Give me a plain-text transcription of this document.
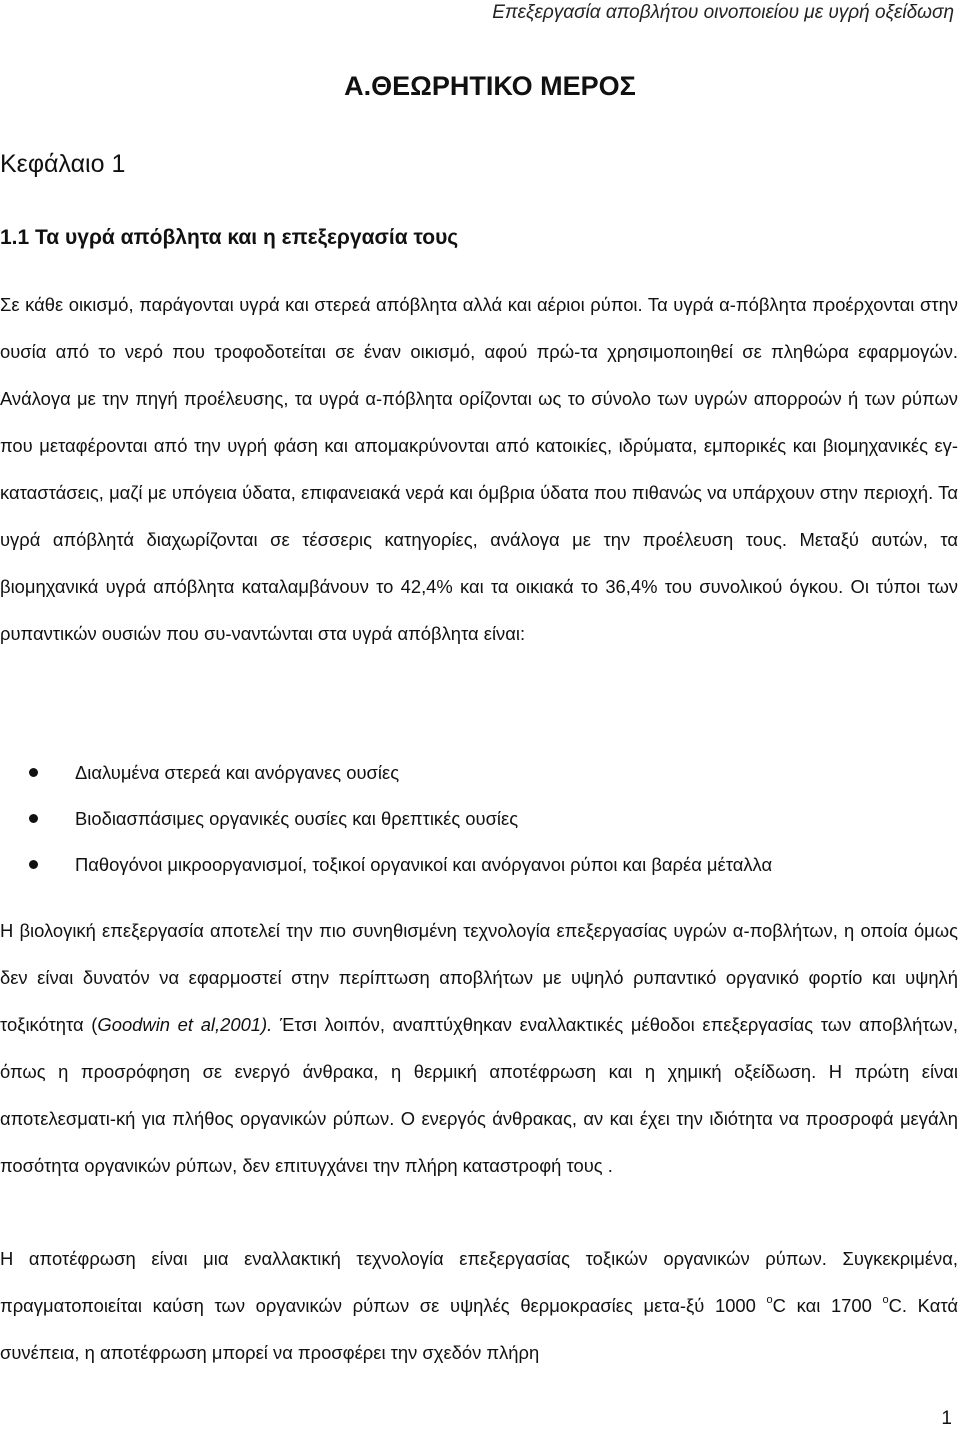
Επεξεργασία αποβλήτου οινοποιείου με υγρή οξείδωση
Α.ΘΕΩΡΗΤΙΚΟ ΜΕΡΟΣ
Κεφάλαιο 1
1.1 Τα υγρά απόβλητα και η επεξεργασία τους

Σε κάθε οικισμό, παράγονται υγρά και στερεά απόβλητα αλλά και αέριοι ρύποι. Τα υγρά α-πόβλητα προέρχονται στην ουσία από το νερό που τροφοδοτείται σε έναν οικισμό, αφού πρώ-τα χρησιμοποιηθεί σε πληθώρα εφαρμογών. Ανάλογα με την πηγή προέλευσης, τα υγρά α-πόβλητα ορίζονται ως το σύνολο των υγρών απορροών ή των ρύπων που μεταφέρονται από την υγρή φάση και απομακρύνονται από κατοικίες, ιδρύματα, εμπορικές και βιομηχανικές εγ-καταστάσεις, μαζί με υπόγεια ύδατα, επιφανειακά νερά και όμβρια ύδατα που πιθανώς να υπάρχουν στην περιοχή. Τα υγρά απόβλητά διαχωρίζονται σε τέσσερις κατηγορίες, ανάλογα με την προέλευση τους. Μεταξύ αυτών, τα βιομηχανικά υγρά απόβλητα καταλαμβάνουν το 42,4% και τα οικιακά το 36,4% του συνολικού όγκου. Οι τύποι των ρυπαντικών ουσιών που συ-ναντώνται στα υγρά απόβλητα είναι:

Διαλυμένα στερεά και ανόργανες ουσίες
Βιοδιασπάσιμες οργανικές ουσίες και θρεπτικές ουσίες
Παθογόνοι μικροοργανισμοί, τοξικοί οργανικοί και ανόργανοι ρύποι και βαρέα μέταλλα

Η βιολογική επεξεργασία αποτελεί την πιο συνηθισμένη τεχνολογία επεξεργασίας υγρών α-ποβλήτων, η οποία όμως δεν είναι δυνατόν να εφαρμοστεί στην περίπτωση αποβλήτων με υψηλό ρυπαντικό οργανικό φορτίο και υψηλή τοξικότητα (Goodwin et al,2001). Έτσι λοιπόν, αναπτύχθηκαν εναλλακτικές μέθοδοι επεξεργασίας των αποβλήτων, όπως η προσρόφηση σε ενεργό άνθρακα, η θερμική αποτέφρωση και η χημική οξείδωση. Η πρώτη είναι αποτελεσματι-κή για πλήθος οργανικών ρύπων. Ο ενεργός άνθρακας, αν και έχει την ιδιότητα να προσροφά μεγάλη ποσότητα οργανικών ρύπων, δεν επιτυγχάνει την πλήρη καταστροφή τους .

Η αποτέφρωση είναι μια εναλλακτική τεχνολογία επεξεργασίας τοξικών οργανικών ρύπων. Συγκεκριμένα, πραγματοποιείται καύση των οργανικών ρύπων σε υψηλές θερμοκρασίες μετα-ξύ 1000 $^o$C και 1700 $^o$C. Κατά συνέπεια, η αποτέφρωση μπορεί να προσφέρει την σχεδόν πλήρη

1
